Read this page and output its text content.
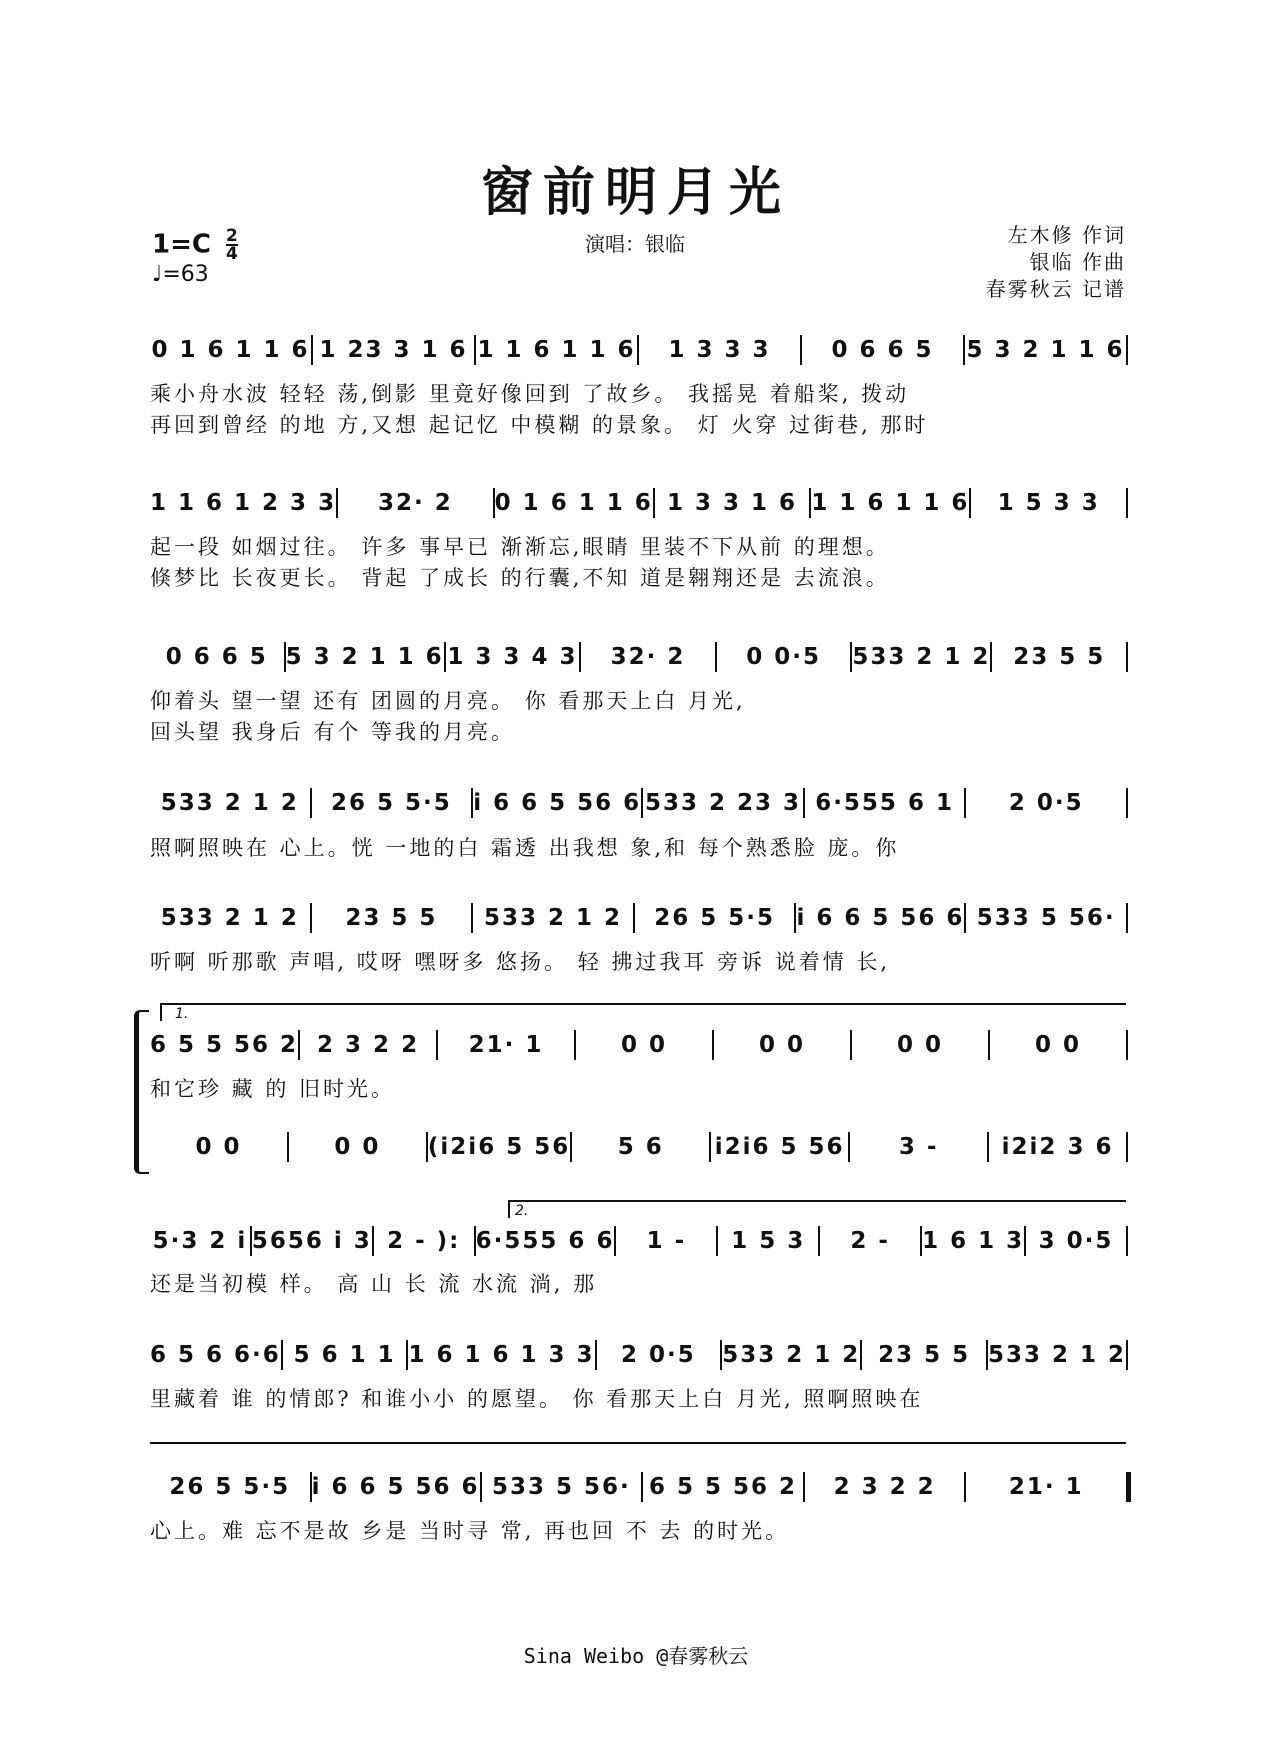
窗前明月光
$1=C \frac{2}{4}$
♩=63
演唱：银临	左木修 作词
银临 作曲
春雾秋云 记谱
0 1 6 1 1 6 1 23 3 1 6 1 1 6 1 1 6	1 3 3 3	0 6 6 5	5 3 2 1 1 6
乘小舟水波 轻轻 荡,倒影 里竟好像回到 了故乡。 我摇晃 着船桨, 拨动
再回到曾经 的地 方,又想 起记忆 中模糊 的景象。 灯 火穿 过街巷, 那时
1 1 6 1 2 3 3	32· 2	0 1 6 1 1 6 1 3 3 1 6 1 1 6 1 1 6	1 5 3 3
起一段 如烟过往。 许多 事早已 渐渐忘,眼睛 里装不下从前 的理想。
倏梦比 长夜更长。 背起 了成长 的行囊,不知 道是翱翔还是 去流浪。
0 6 6 5 5 3 2 1 1 6 1 3 3 4 3	32· 2	0 0·5	533 2 1 2 23 5 5
仰着头 望一望 还有 团圆的月亮。 你 看那天上白 月光,
回头望 我身后 有个 等我的月亮。
533 2 1 2	26 5 5·5 i 6 6 5 56 6 533 2 23 3 6·555 6 1	2 0·5
照啊照映在 心上。恍 一地的白 霜透 出我想 象,和 每个熟悉脸 庞。你
533 2 1 2	23 5 5	533 2 1 2	26 5 5·5 i 6 6 5 56 6 533 5 56·
听啊 听那歌 声唱, 哎呀 嘿呀多 悠扬。 轻 拂过我耳 旁诉 说着情 长,
1.
6 5 5 56 2 2 3 2 2	21· 1	0 0	0 0	0 0	0 0
和它珍 藏 的 旧时光。
0 0	0 0	(i2i6 5 56	5 6	i2i6 5 56	3 -	i2i2 3 6
2.
5·3 2 i 5656 i 3 2 - ): 6·555 6 6	1 -	1 5 3	2 -	1 6 1 3 3 0·5
还是当初模 样。 高 山 长 流 水流 淌, 那
6 5 6 6·6 5 6 1 1 1 6 1 6 1 3 3	2 0·5	533 2 1 2 23 5 5 533 2 1 2
里藏着 谁 的情郎? 和谁小小 的愿望。 你 看那天上白 月光, 照啊照映在
26 5 5·5 i 6 6 5 56 6 533 5 56· 6 5 5 56 2	2 3 2 2	21· 1
心上。难 忘不是故 乡是 当时寻 常, 再也回 不 去 的时光。
Sina Weibo @春雾秋云
